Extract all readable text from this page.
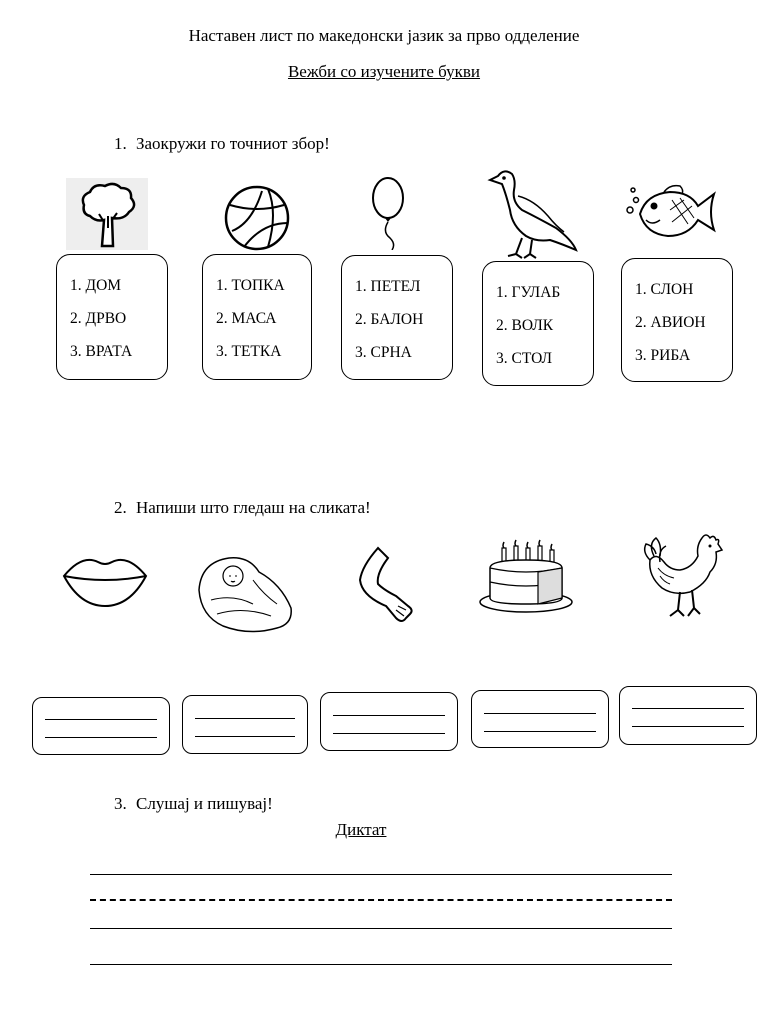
Наставен лист по македонски јазик за прво одделение
Вежби со изучените букви
1. Заокружи го точниот збор!
1. ДОМ
2. ДРВО
3. ВРАТА
1. ТОПКА
2. МАСА
3. ТЕТКА
1. ПЕТЕЛ
2. БАЛОН
3. СРНА
1. ГУЛАБ
2. ВОЛК
3. СТОЛ
1. СЛОН
2. АВИОН
3. РИБА
2. Напиши што гледаш на сликата!
3. Слушај и пишувај!
Диктат
